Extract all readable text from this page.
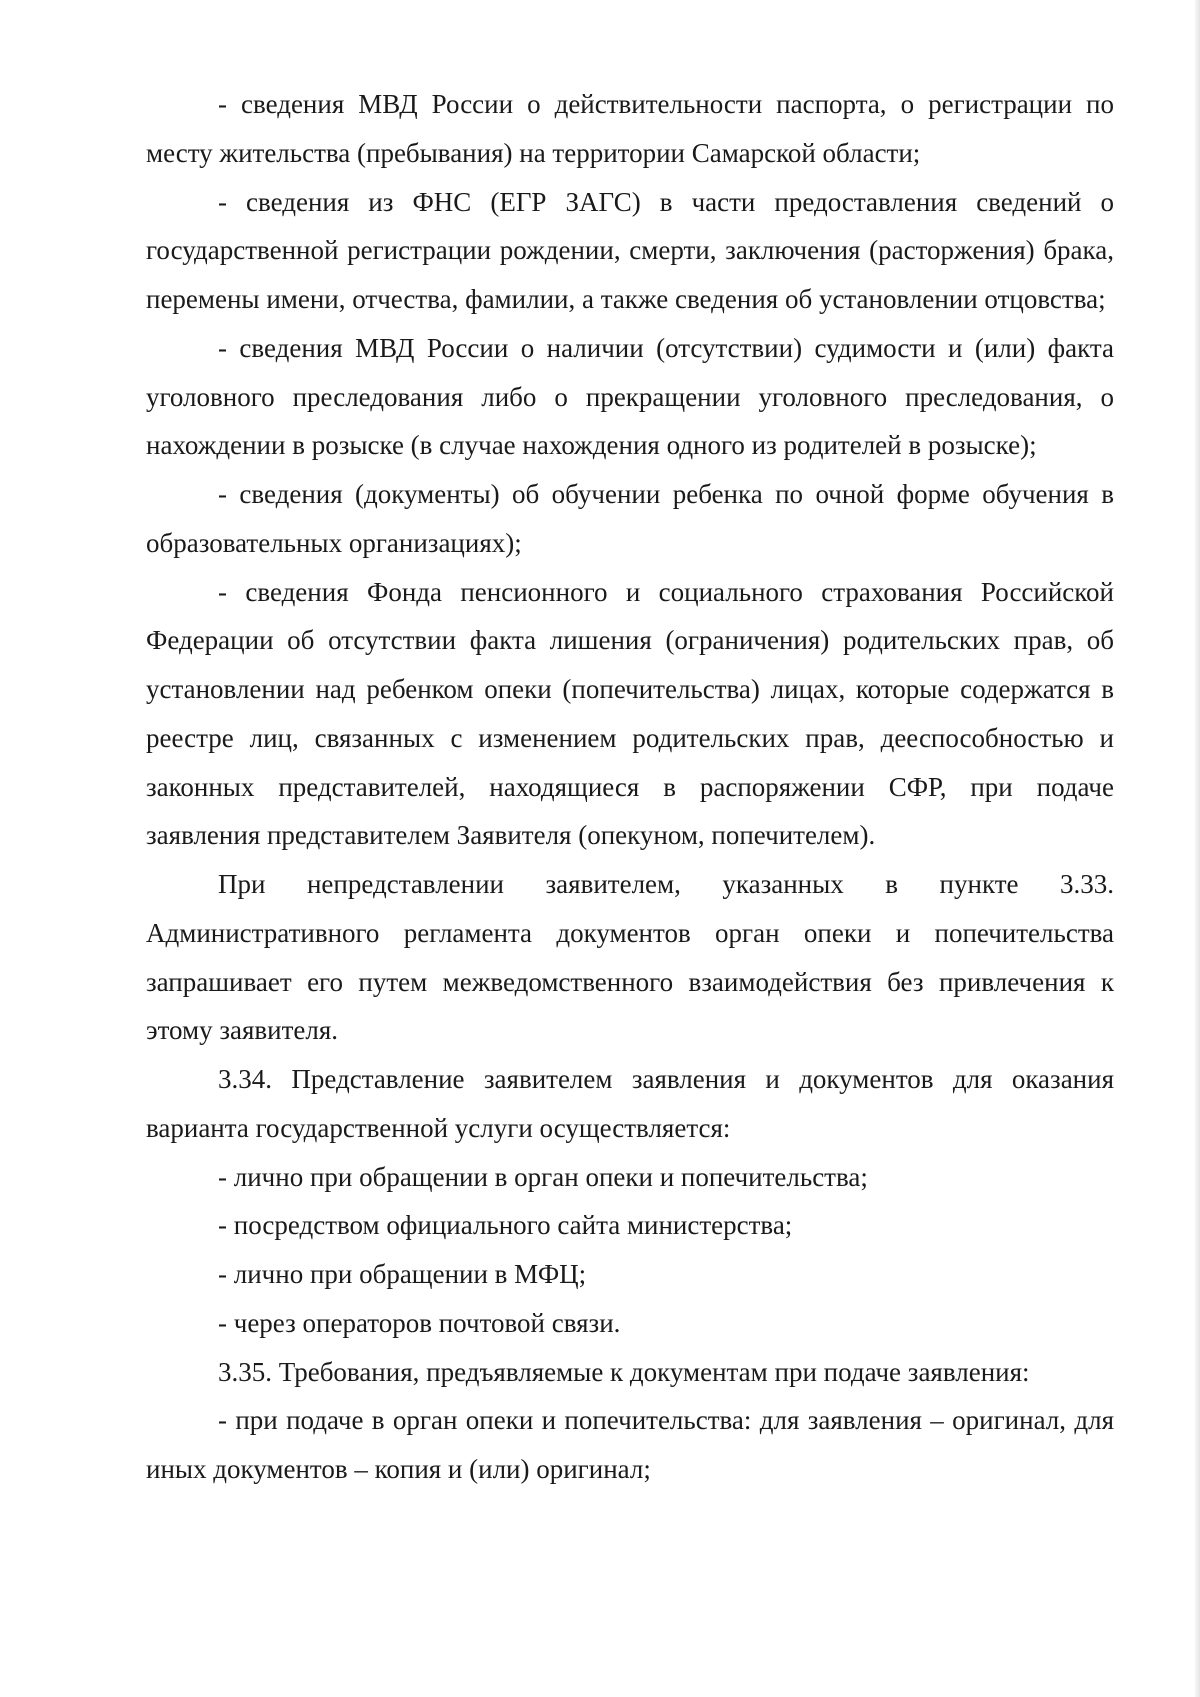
- сведения МВД России о действительности паспорта, о регистрации по месту жительства (пребывания) на территории Самарской области;

- сведения из ФНС (ЕГР ЗАГС) в части предоставления сведений о государственной регистрации рождении, смерти, заключения (расторжения) брака, перемены имени, отчества, фамилии, а также сведения об установлении отцовства;

- сведения МВД России о наличии (отсутствии) судимости и (или) факта уголовного преследования либо о прекращении уголовного преследования, о нахождении в розыске (в случае нахождения одного из родителей в розыске);

- сведения (документы) об обучении ребенка по очной форме обучения в образовательных организациях);

- сведения Фонда пенсионного и социального страхования Российской Федерации об отсутствии факта лишения (ограничения) родительских прав, об установлении над ребенком опеки (попечительства) лицах, которые содержатся в реестре лиц, связанных с изменением родительских прав, дееспособностью и законных представителей, находящиеся в распоряжении СФР, при подаче заявления представителем Заявителя (опекуном, попечителем).

При непредставлении заявителем, указанных в пункте 3.33. Административного регламента документов орган опеки и попечительства запрашивает его путем межведомственного взаимодействия без привлечения к этому заявителя.

3.34. Представление заявителем заявления и документов для оказания варианта государственной услуги осуществляется:

- лично при обращении в орган опеки и попечительства;

- посредством официального сайта министерства;

- лично при обращении в МФЦ;

- через операторов почтовой связи.

3.35. Требования, предъявляемые к документам при подаче заявления:

- при подаче в орган опеки и попечительства: для заявления – оригинал, для иных документов – копия и (или) оригинал;
